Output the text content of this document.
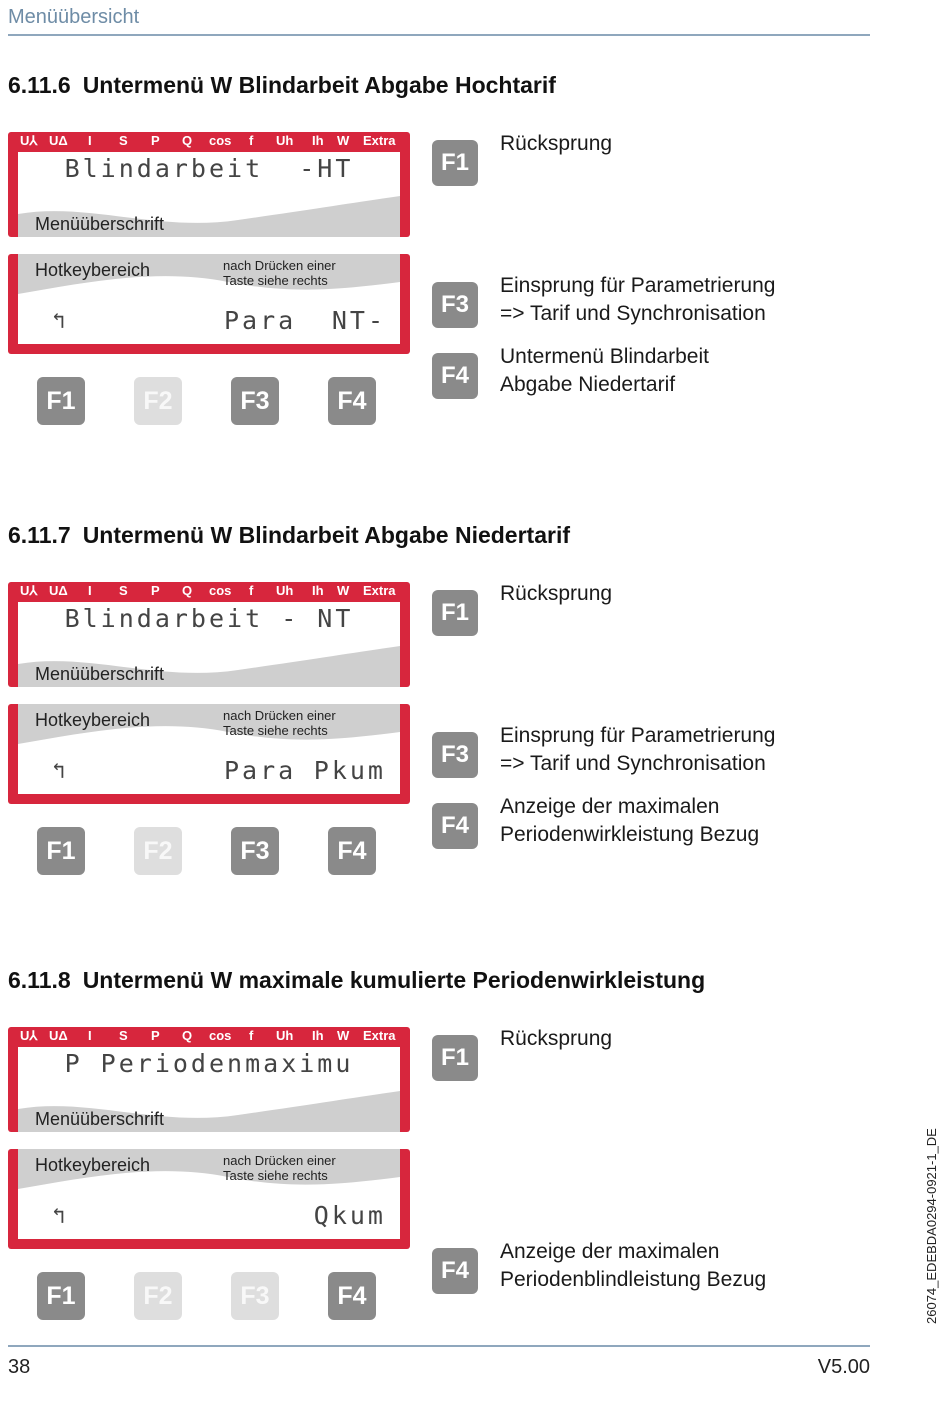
Menüübersicht
6.11.6 Untermenü W Blindarbeit Abgabe Hochtarif
U⅄ UΔ I S P Q cos f Uh Ih W Extra
Blindarbeit  -HT
Menüüberschrift
Hotkeybereich	nach Drücken einer
Taste siehe rechts
↰	Para NT-
F1	F2	F3	F4
F1
Rücksprung
F3
Einsprung für Parametrierung
=> Tarif und Synchronisation
F4
Untermenü Blindarbeit
Abgabe Niedertarif
6.11.7 Untermenü W Blindarbeit Abgabe Niedertarif
U⅄ UΔ I S P Q cos f Uh Ih W Extra
Blindarbeit - NT
Menüüberschrift
Hotkeybereich	nach Drücken einer
Taste siehe rechts
↰	Para Pkum
F1	F2	F3	F4
F1
Rücksprung
F3
Einsprung für Parametrierung
=> Tarif und Synchronisation
F4
Anzeige der maximalen
Periodenwirkleistung Bezug
6.11.8 Untermenü W maximale kumulierte Periodenwirkleistung
U⅄ UΔ I S P Q cos f Uh Ih W Extra
P Periodenmaximu
Menüüberschrift
Hotkeybereich	nach Drücken einer
Taste siehe rechts
↰	Qkum
F1	F2	F3	F4
F1
Rücksprung
F4
Anzeige der maximalen
Periodenblindleistung Bezug
38	V5.00
26074_EDEBDA0294-0921-1_DE
